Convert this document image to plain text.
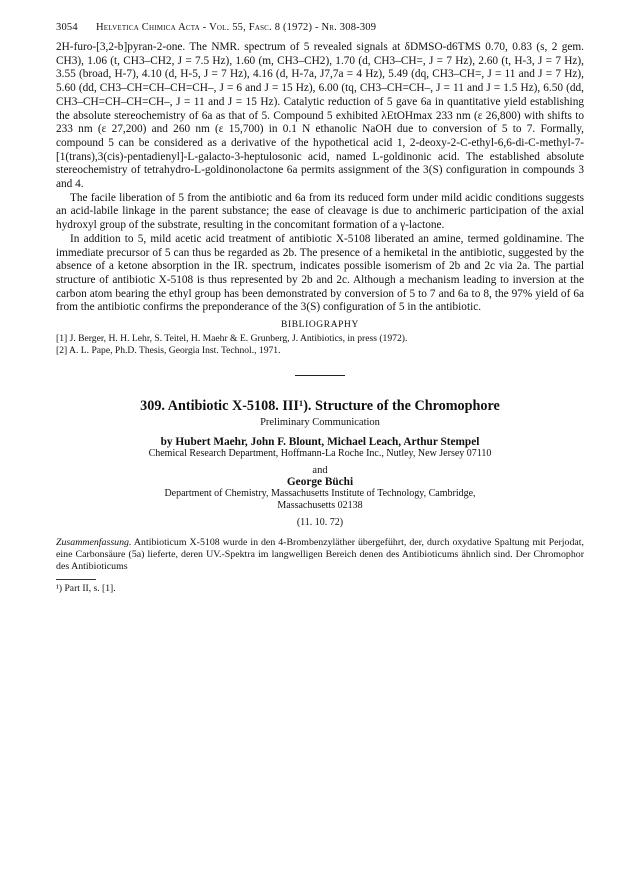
3054	Helvetica Chimica Acta - Vol. 55, Fasc. 8 (1972) - Nr. 308-309

2H-furo-[3,2-b]pyran-2-one. The NMR. spectrum of 5 revealed signals at δDMSO-d6TMS 0.70, 0.83 (s, 2 gem. CH3), 1.06 (t, CH3–CH2, J = 7.5 Hz), 1.60 (m, CH3–CH2), 1.70 (d, CH3–CH=, J = 7 Hz), 2.60 (t, H-3, J = 7 Hz), 3.55 (broad, H-7), 4.10 (d, H-5, J = 7 Hz), 4.16 (d, H-7a, J7,7a = 4 Hz), 5.49 (dq, CH3–CH=, J = 11 and J = 7 Hz), 5.60 (dd, CH3–CH=CH–CH=CH–, J = 6 and J = 15 Hz), 6.00 (tq, CH3–CH=CH–, J = 11 and J = 1.5 Hz), 6.50 (dd, CH3–CH=CH–CH=CH–, J = 11 and J = 15 Hz). Catalytic reduction of 5 gave 6a in quantitative yield establishing the absolute stereochemistry of 6a as that of 5. Compound 5 exhibited λEtOHmax 233 nm (ε 26,800) with shifts to 233 nm (ε 27,200) and 260 nm (ε 15,700) in 0.1 N ethanolic NaOH due to conversion of 5 to 7. Formally, compound 5 can be considered as a derivative of the hypothetical acid 1, 2-deoxy-2-C-ethyl-6,6-di-C-methyl-7-[1(trans),3(cis)-pentadienyl]-L-galacto-3-heptulosonic acid, named L-goldinonic acid. The established absolute stereochemistry of tetrahydro-L-goldinonolactone 6a permits assignment of the 3(S) configuration in compounds 3 and 4.

The facile liberation of 5 from the antibiotic and 6a from its reduced form under mild acidic conditions suggests an acid-labile linkage in the parent substance; the ease of cleavage is due to anchimeric participation of the axial hydroxyl group of the substrate, resulting in the concomitant formation of a γ-lactone.

In addition to 5, mild acetic acid treatment of antibiotic X-5108 liberated an amine, termed goldinamine. The immediate precursor of 5 can thus be regarded as 2b. The presence of a hemiketal in the antibiotic, suggested by the absence of a ketone absorption in the IR. spectrum, indicates possible isomerism of 2b and 2c via 2a. The partial structure of antibiotic X-5108 is thus represented by 2b and 2c. Although a mechanism leading to inversion at the carbon atom bearing the ethyl group has been demonstrated by conversion of 5 to 7 and 6a to 8, the 97% yield of 6a from the antibiotic confirms the preponderance of the 3(S) configuration of 5 in the antibiotic.

BIBLIOGRAPHY
[1] J. Berger, H. H. Lehr, S. Teitel, H. Maehr & E. Grunberg, J. Antibiotics, in press (1972).
[2] A. L. Pape, Ph.D. Thesis, Georgia Inst. Technol., 1971.
309. Antibiotic X-5108. III¹). Structure of the Chromophore
Preliminary Communication
by Hubert Maehr, John F. Blount, Michael Leach, Arthur Stempel
Chemical Research Department, Hoffmann-La Roche Inc., Nutley, New Jersey 07110
and
George Büchi
Department of Chemistry, Massachusetts Institute of Technology, Cambridge,
Massachusetts 02138
(11. 10. 72)
Zusammenfassung. Antibioticum X-5108 wurde in den 4-Brombenzyläther übergeführt, der, durch oxydative Spaltung mit Perjodat, eine Carbonsäure (5a) lieferte, deren UV.-Spektra im langwelligen Bereich denen des Antibioticums ähnlich sind. Der Chromophor des Antibioticums
¹) Part II, s. [1].
